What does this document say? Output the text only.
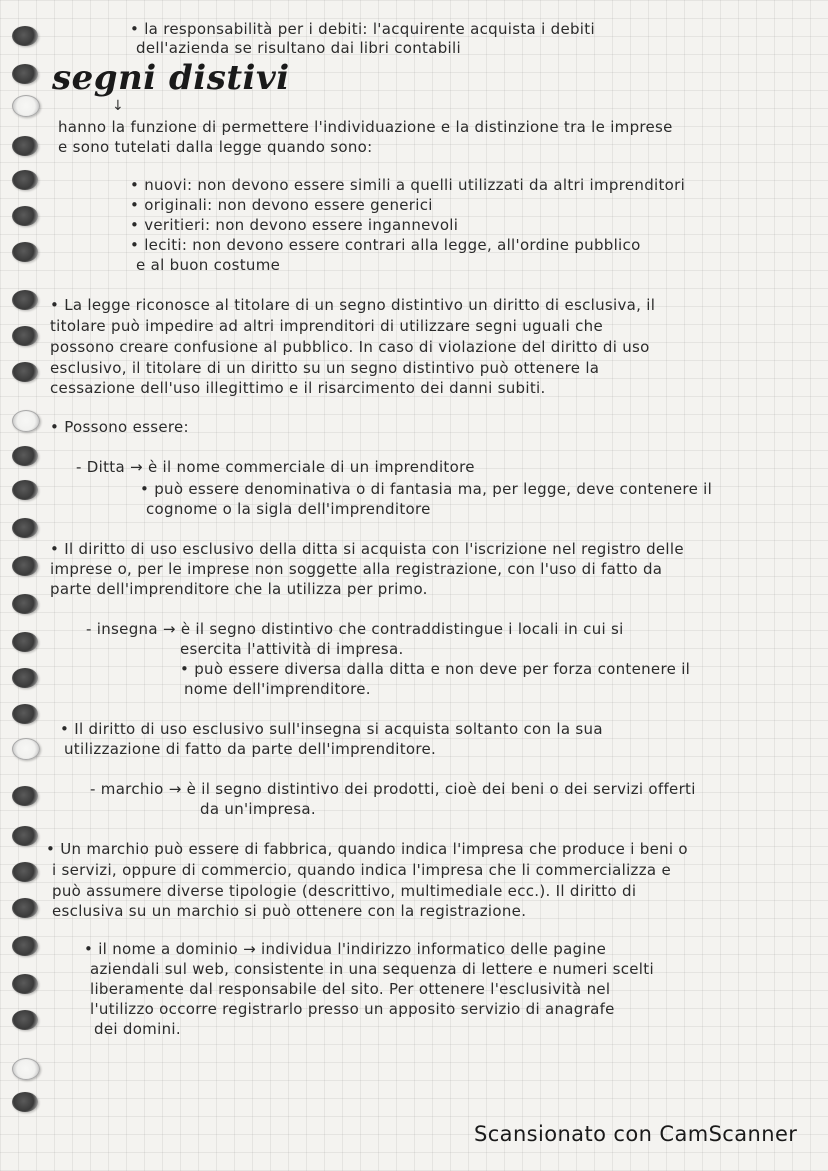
• la responsabilità per i debiti: l'acquirente acquista i debiti
dell'azienda se risultano dai libri contabili
segni distivi
↓
hanno la funzione di permettere l'individuazione e la distinzione tra le imprese
e sono tutelati dalla legge quando sono:
• nuovi: non devono essere simili a quelli utilizzati da altri imprenditori
• originali: non devono essere generici
• veritieri: non devono essere ingannevoli
• leciti: non devono essere contrari alla legge, all'ordine pubblico
e al buon costume
• La legge riconosce al titolare di un segno distintivo un diritto di esclusiva, il
titolare può impedire ad altri imprenditori di utilizzare segni uguali che
possono creare confusione al pubblico. In caso di violazione del diritto di uso
esclusivo, il titolare di un diritto su un segno distintivo può ottenere la
cessazione dell'uso illegittimo e il risarcimento dei danni subiti.
• Possono essere:
- Ditta → è il nome commerciale di un imprenditore
• può essere denominativa o di fantasia ma, per legge, deve contenere il
cognome o la sigla dell'imprenditore
• Il diritto di uso esclusivo della ditta si acquista con l'iscrizione nel registro delle
imprese o, per le imprese non soggette alla registrazione, con l'uso di fatto da
parte dell'imprenditore che la utilizza per primo.
- insegna → è il segno distintivo che contraddistingue i locali in cui si
esercita l'attività di impresa.
• può essere diversa dalla ditta e non deve per forza contenere il
nome dell'imprenditore.
• Il diritto di uso esclusivo sull'insegna si acquista soltanto con la sua
utilizzazione di fatto da parte dell'imprenditore.
- marchio → è il segno distintivo dei prodotti, cioè dei beni o dei servizi offerti
da un'impresa.
• Un marchio può essere di fabbrica, quando indica l'impresa che produce i beni o
i servizi, oppure di commercio, quando indica l'impresa che li commercializza e
può assumere diverse tipologie (descrittivo, multimediale ecc.). Il diritto di
esclusiva su un marchio si può ottenere con la registrazione.
• il nome a dominio → individua l'indirizzo informatico delle pagine
aziendali sul web, consistente in una sequenza di lettere e numeri scelti
liberamente dal responsabile del sito. Per ottenere l'esclusività nel
l'utilizzo occorre registrarlo presso un apposito servizio di anagrafe
dei domini.
Scansionato con CamScanner
